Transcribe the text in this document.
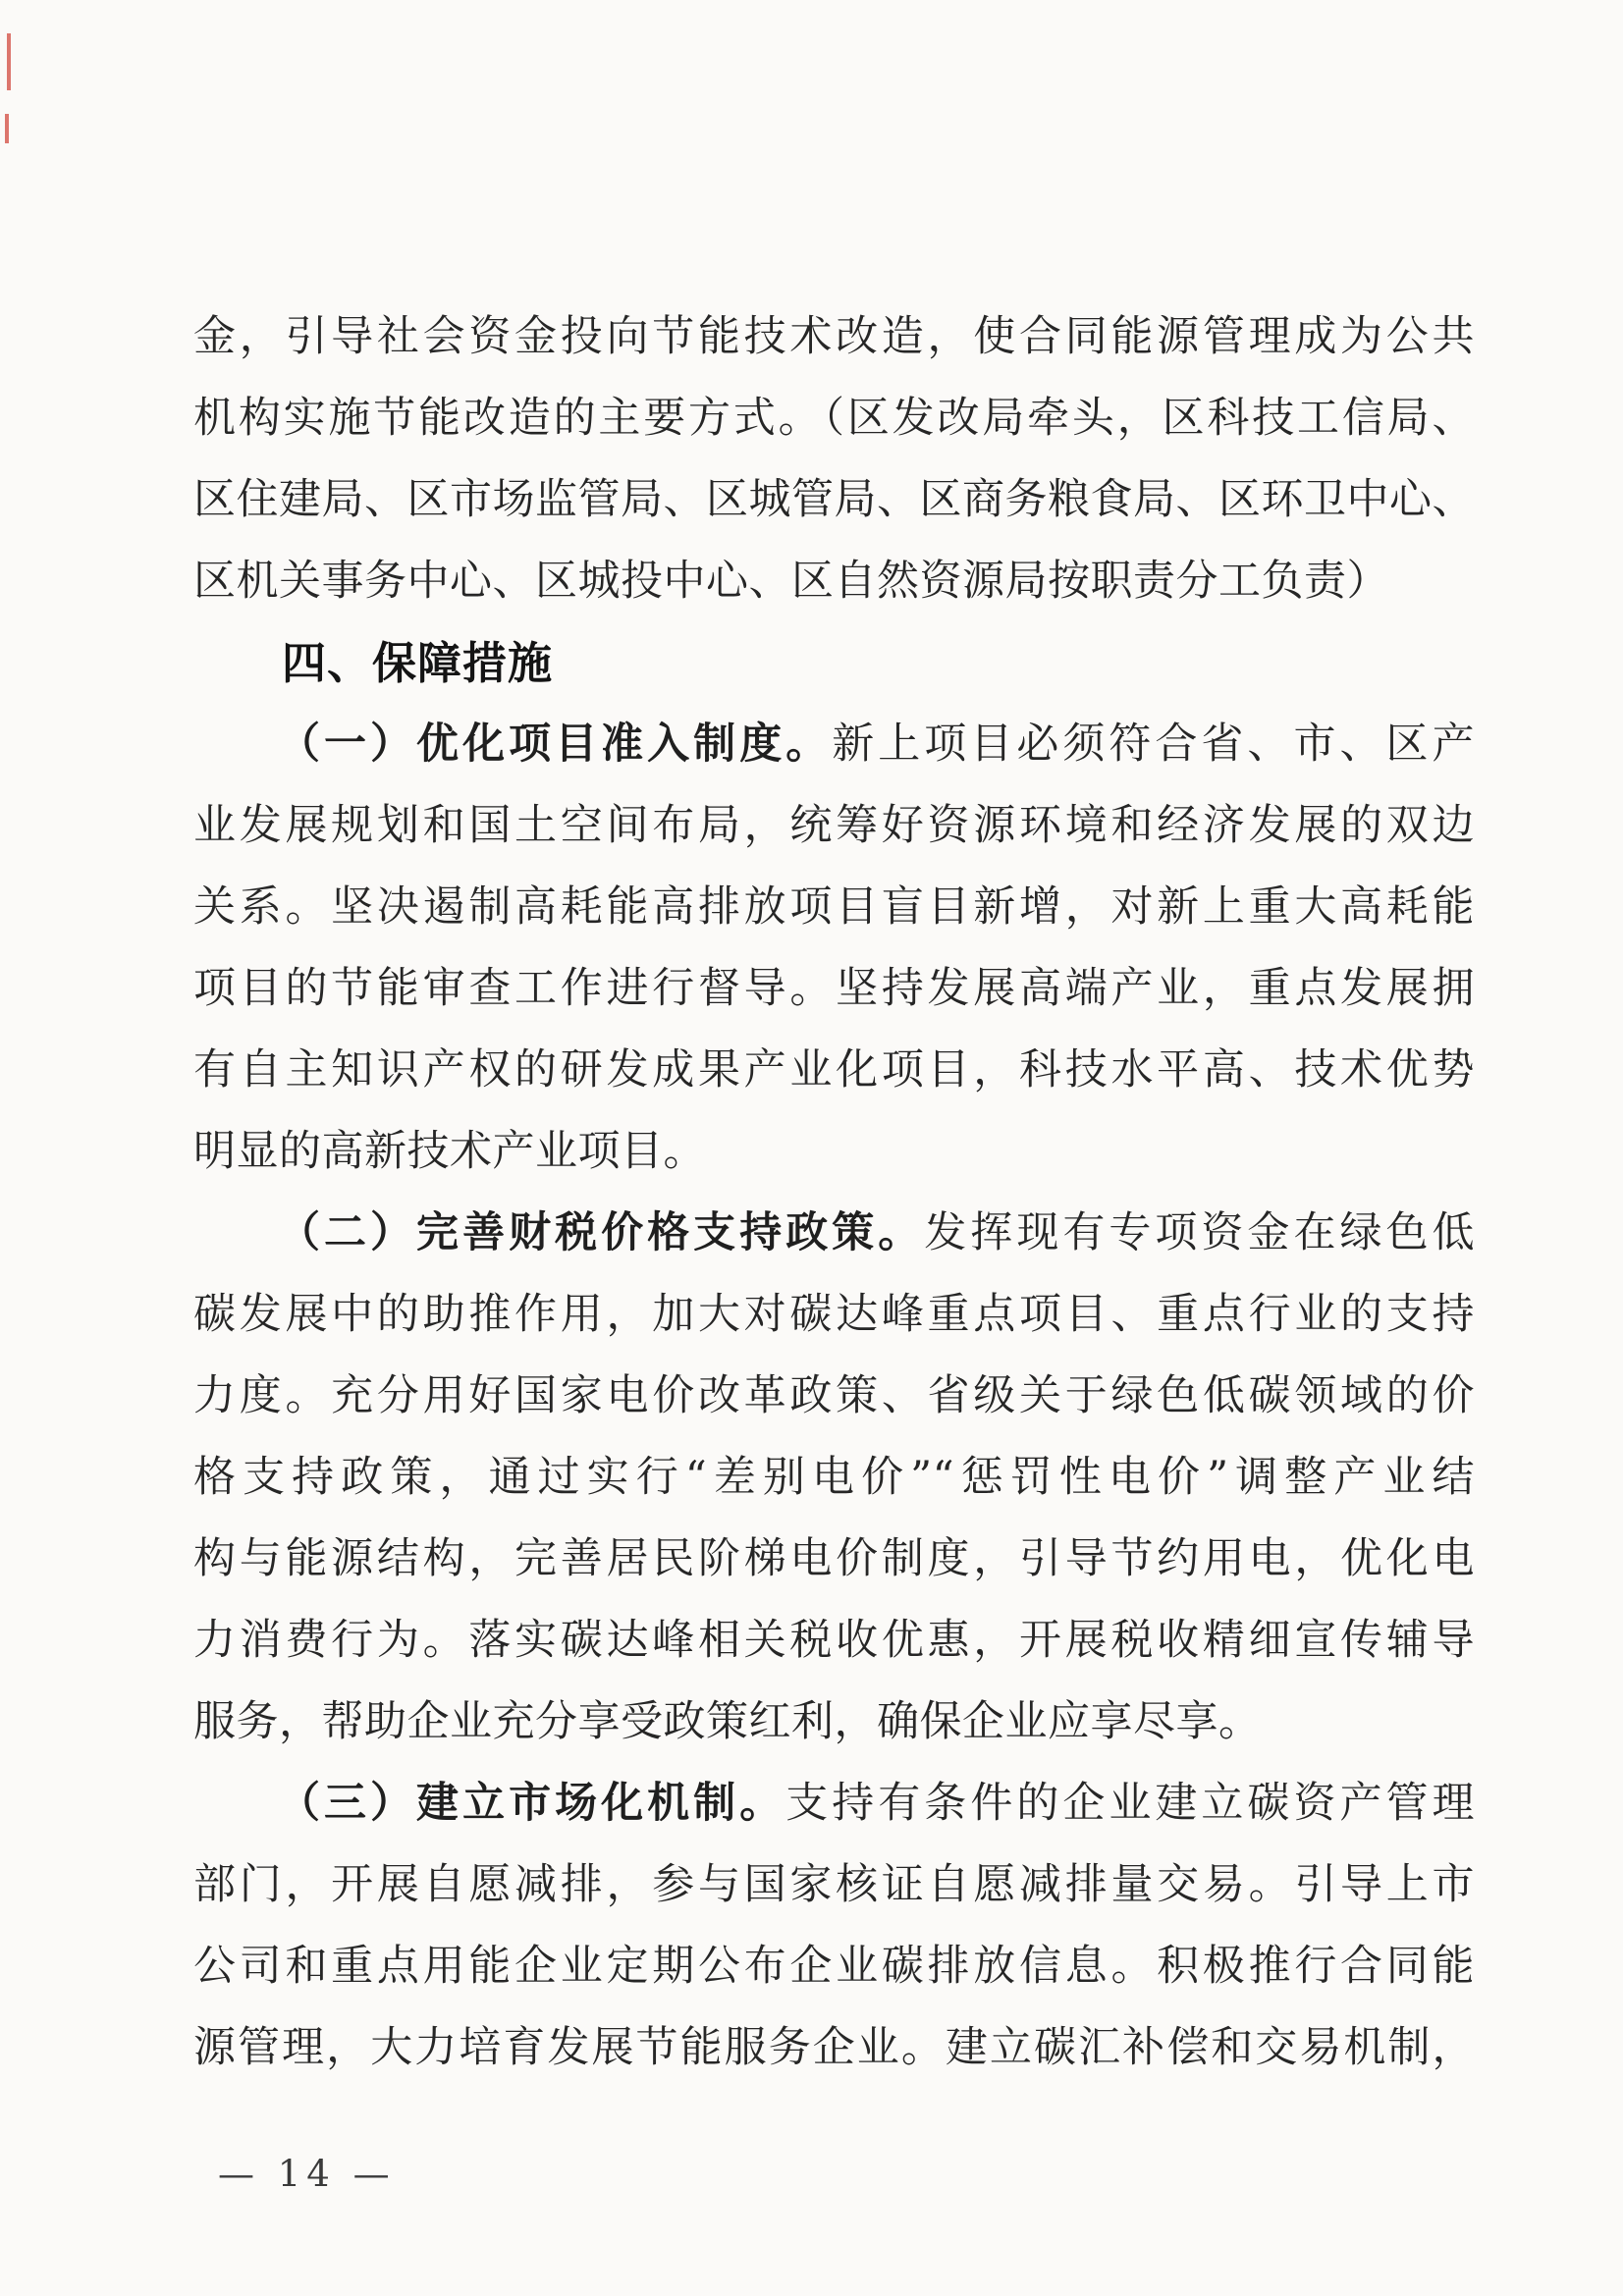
金，引导社会资金投向节能技术改造，使合同能源管理成为公共
机构实施节能改造的主要方式。（区发改局牵头，区科技工信局、
区住建局、区市场监管局、区城管局、区商务粮食局、区环卫中心、
区机关事务中心、区城投中心、区自然资源局按职责分工负责）
四、保障措施
（一）优化项目准入制度。新上项目必须符合省、市、区产
业发展规划和国土空间布局，统筹好资源环境和经济发展的双边
关系。坚决遏制高耗能高排放项目盲目新增，对新上重大高耗能
项目的节能审查工作进行督导。坚持发展高端产业，重点发展拥
有自主知识产权的研发成果产业化项目，科技水平高、技术优势
明显的高新技术产业项目。
（二）完善财税价格支持政策。发挥现有专项资金在绿色低
碳发展中的助推作用，加大对碳达峰重点项目、重点行业的支持
力度。充分用好国家电价改革政策、省级关于绿色低碳领域的价
格支持政策，通过实行“差别电价”“惩罚性电价”调整产业结
构与能源结构，完善居民阶梯电价制度，引导节约用电，优化电
力消费行为。落实碳达峰相关税收优惠，开展税收精细宣传辅导
服务，帮助企业充分享受政策红利，确保企业应享尽享。
（三）建立市场化机制。支持有条件的企业建立碳资产管理
部门，开展自愿减排，参与国家核证自愿减排量交易。引导上市
公司和重点用能企业定期公布企业碳排放信息。积极推行合同能
源管理，大力培育发展节能服务企业。建立碳汇补偿和交易机制，
— 14 —
